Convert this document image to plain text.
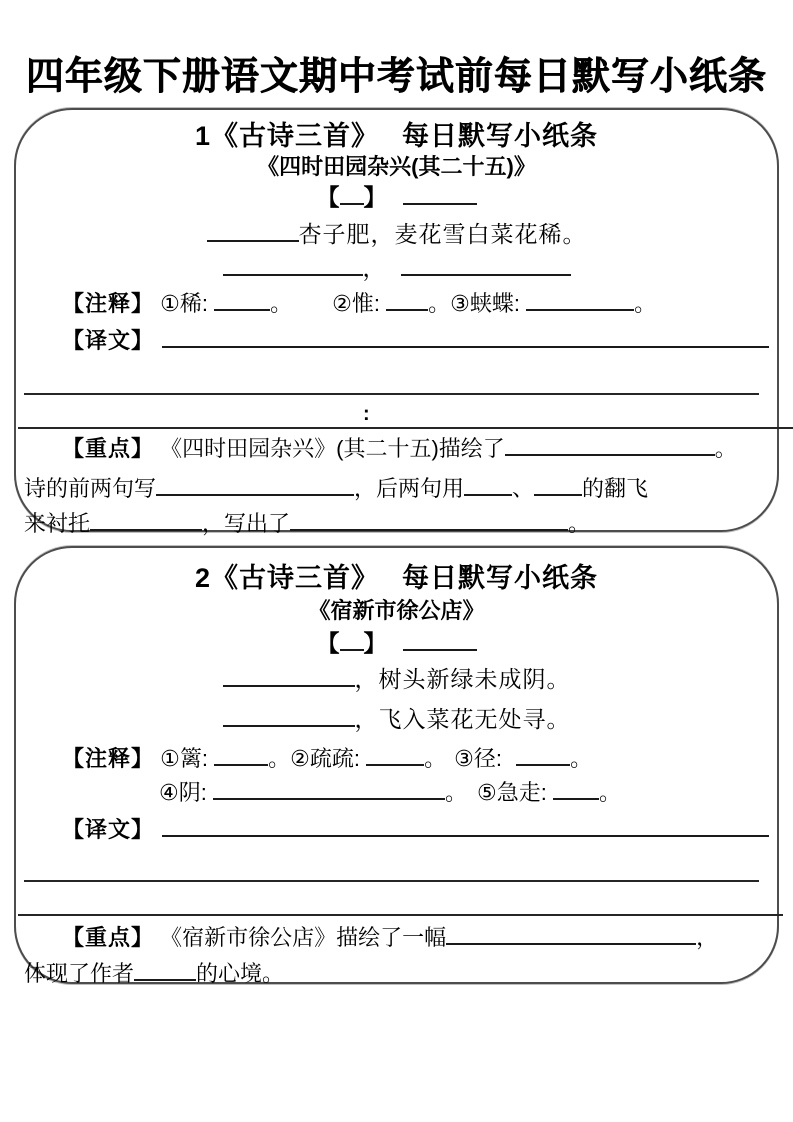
四年级下册语文期中考试前每日默写小纸条
1《古诗三首》　 每日默写小纸条
《四时田园杂兴(其二十五)》
【 】
杏子肥，麦花雪白菜花稀。
，
【注释】 ①稀:	。 ②惟: 。③蛱蝶:	。
【译文】
:
【重点】 《四时田园杂兴》(其二十五)描绘了	。
诗的前两句写	，后两句用 、 的翻飞
来衬托	，写出了	。
2《古诗三首》　 每日默写小纸条
《宿新市徐公店》
【 】
，树头新绿未成阴。
，飞入菜花无处寻。
【注释】 ①篱:	。②疏疏:	。 ③径:	。
④阴:	。 ⑤急走: 。
【译文】
【重点】 《宿新市徐公店》描绘了一幅	，
体现了作者	的心境。
